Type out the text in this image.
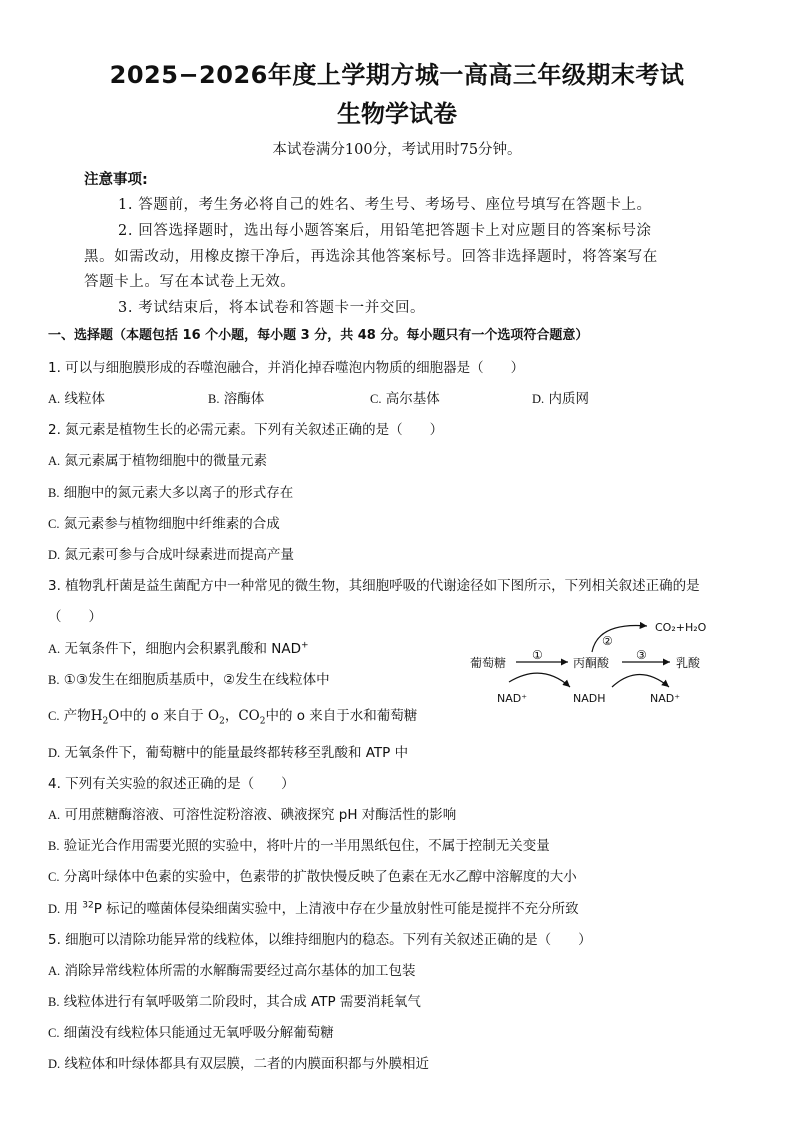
2025−2026年度上学期方城一高高三年级期末考试
生物学试卷
本试卷满分100分，考试用时75分钟。
注意事项:
1. 答题前，考生务必将自己的姓名、考生号、考场号、座位号填写在答题卡上。
2. 回答选择题时，选出每小题答案后，用铅笔把答题卡上对应题目的答案标号涂
黑。如需改动，用橡皮擦干净后，再选涂其他答案标号。回答非选择题时，将答案写在
答题卡上。写在本试卷上无效。
3. 考试结束后，将本试卷和答题卡一并交回。
一、选择题（本题包括 16 个小题，每小题 3 分，共 48 分。每小题只有一个选项符合题意）
1. 可以与细胞膜形成的吞噬泡融合，并消化掉吞噬泡内物质的细胞器是（　　）
A. 线粒体	B. 溶酶体	C. 高尔基体	D. 内质网
2. 氮元素是植物生长的必需元素。下列有关叙述正确的是（　　）
A. 氮元素属于植物细胞中的微量元素
B. 细胞中的氮元素大多以离子的形式存在
C. 氮元素参与植物细胞中纤维素的合成
D. 氮元素可参与合成叶绿素进而提高产量
3. 植物乳杆菌是益生菌配方中一种常见的微生物，其细胞呼吸的代谢途径如下图所示，下列相关叙述正确的是
（　　）
A. 无氧条件下，细胞内会积累乳酸和 NAD+
B. ①③发生在细胞质基质中，②发生在线粒体中
C. 产物$H_2O$中的 o 来自于 $O_2$，$CO_2$中的 o 来自于水和葡萄糖
D. 无氧条件下，葡萄糖中的能量最终都转移至乳酸和 ATP 中
葡萄糖	丙酮酸	乳酸
CO₂+H₂O
NAD⁺	NADH	NAD⁺
①
②
③
4. 下列有关实验的叙述正确的是（　　）
A. 可用蔗糖酶溶液、可溶性淀粉溶液、碘液探究 pH 对酶活性的影响
B. 验证光合作用需要光照的实验中，将叶片的一半用黑纸包住，不属于控制无关变量
C. 分离叶绿体中色素的实验中，色素带的扩散快慢反映了色素在无水乙醇中溶解度的大小
D. 用 $^{32}$P 标记的噬菌体侵染细菌实验中，上清液中存在少量放射性可能是搅拌不充分所致
5. 细胞可以清除功能异常的线粒体，以维持细胞内的稳态。下列有关叙述正确的是（　　）
A. 消除异常线粒体所需的水解酶需要经过高尔基体的加工包装
B. 线粒体进行有氧呼吸第二阶段时，其合成 ATP 需要消耗氧气
C. 细菌没有线粒体只能通过无氧呼吸分解葡萄糖
D. 线粒体和叶绿体都具有双层膜，二者的内膜面积都与外膜相近
